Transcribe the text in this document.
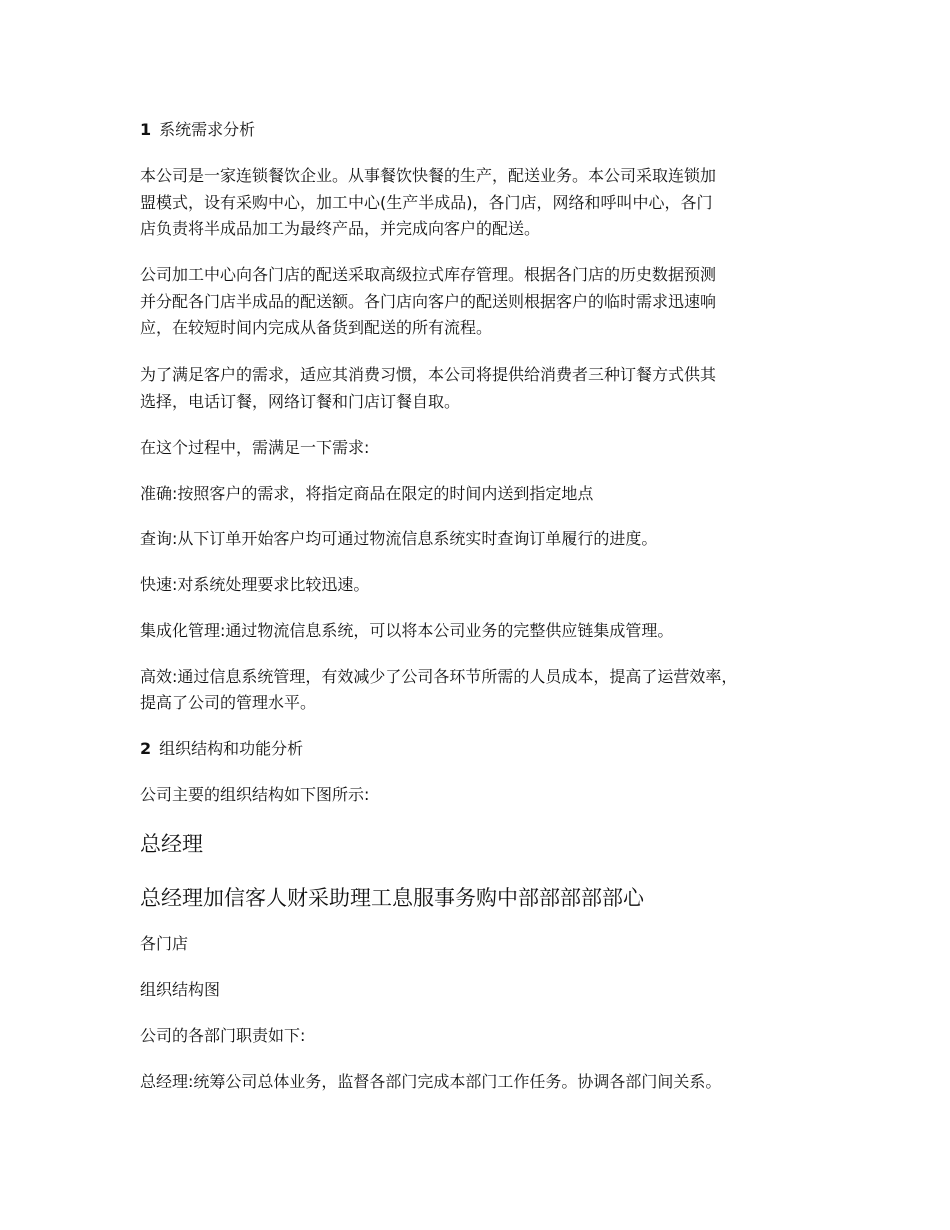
1 系统需求分析
本公司是一家连锁餐饮企业。从事餐饮快餐的生产，配送业务。本公司采取连锁加
盟模式，设有采购中心，加工中心(生产半成品)，各门店，网络和呼叫中心，各门
店负责将半成品加工为最终产品，并完成向客户的配送。
公司加工中心向各门店的配送采取高级拉式库存管理。根据各门店的历史数据预测
并分配各门店半成品的配送额。各门店向客户的配送则根据客户的临时需求迅速响
应，在较短时间内完成从备货到配送的所有流程。
为了满足客户的需求，适应其消费习惯，本公司将提供给消费者三种订餐方式供其
选择，电话订餐，网络订餐和门店订餐自取。
在这个过程中，需满足一下需求:
准确:按照客户的需求，将指定商品在限定的时间内送到指定地点
查询:从下订单开始客户均可通过物流信息系统实时查询订单履行的进度。
快速:对系统处理要求比较迅速。
集成化管理:通过物流信息系统，可以将本公司业务的完整供应链集成管理。
高效:通过信息系统管理，有效减少了公司各环节所需的人员成本，提高了运营效率，
提高了公司的管理水平。
2 组织结构和功能分析
公司主要的组织结构如下图所示:
总经理
总经理加信客人财采助理工息服事务购中部部部部部心
各门店
组织结构图
公司的各部门职责如下:
总经理:统筹公司总体业务，监督各部门完成本部门工作任务。协调各部门间关系。
